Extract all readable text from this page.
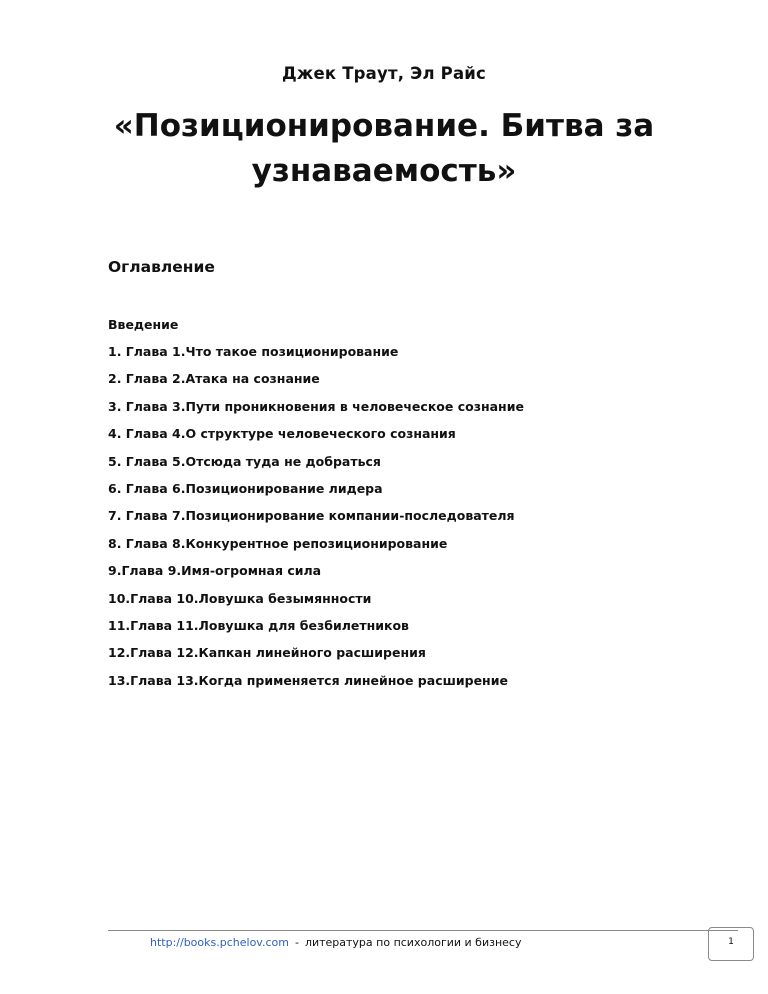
Джек Траут, Эл Райс
«Позиционирование. Битва за
узнаваемость»
Оглавление
Введение
1. Глава 1.Что такое позиционирование
2. Глава 2.Атака на сознание
3. Глава 3.Пути проникновения в человеческое сознание
4. Глава 4.О структуре человеческого сознания
5. Глава 5.Отсюда туда не добраться
6. Глава 6.Позиционирование лидера
7. Глава 7.Позиционирование компании-последователя
8. Глава 8.Конкурентное репозиционирование
9.Глава 9.Имя-огромная сила
10.Глава 10.Ловушка безымянности
11.Глава 11.Ловушка для безбилетников
12.Глава 12.Капкан линейного расширения
13.Глава 13.Когда применяется линейное расширение
http://books.pchelov.com - литература по психологии и бизнесу	1
